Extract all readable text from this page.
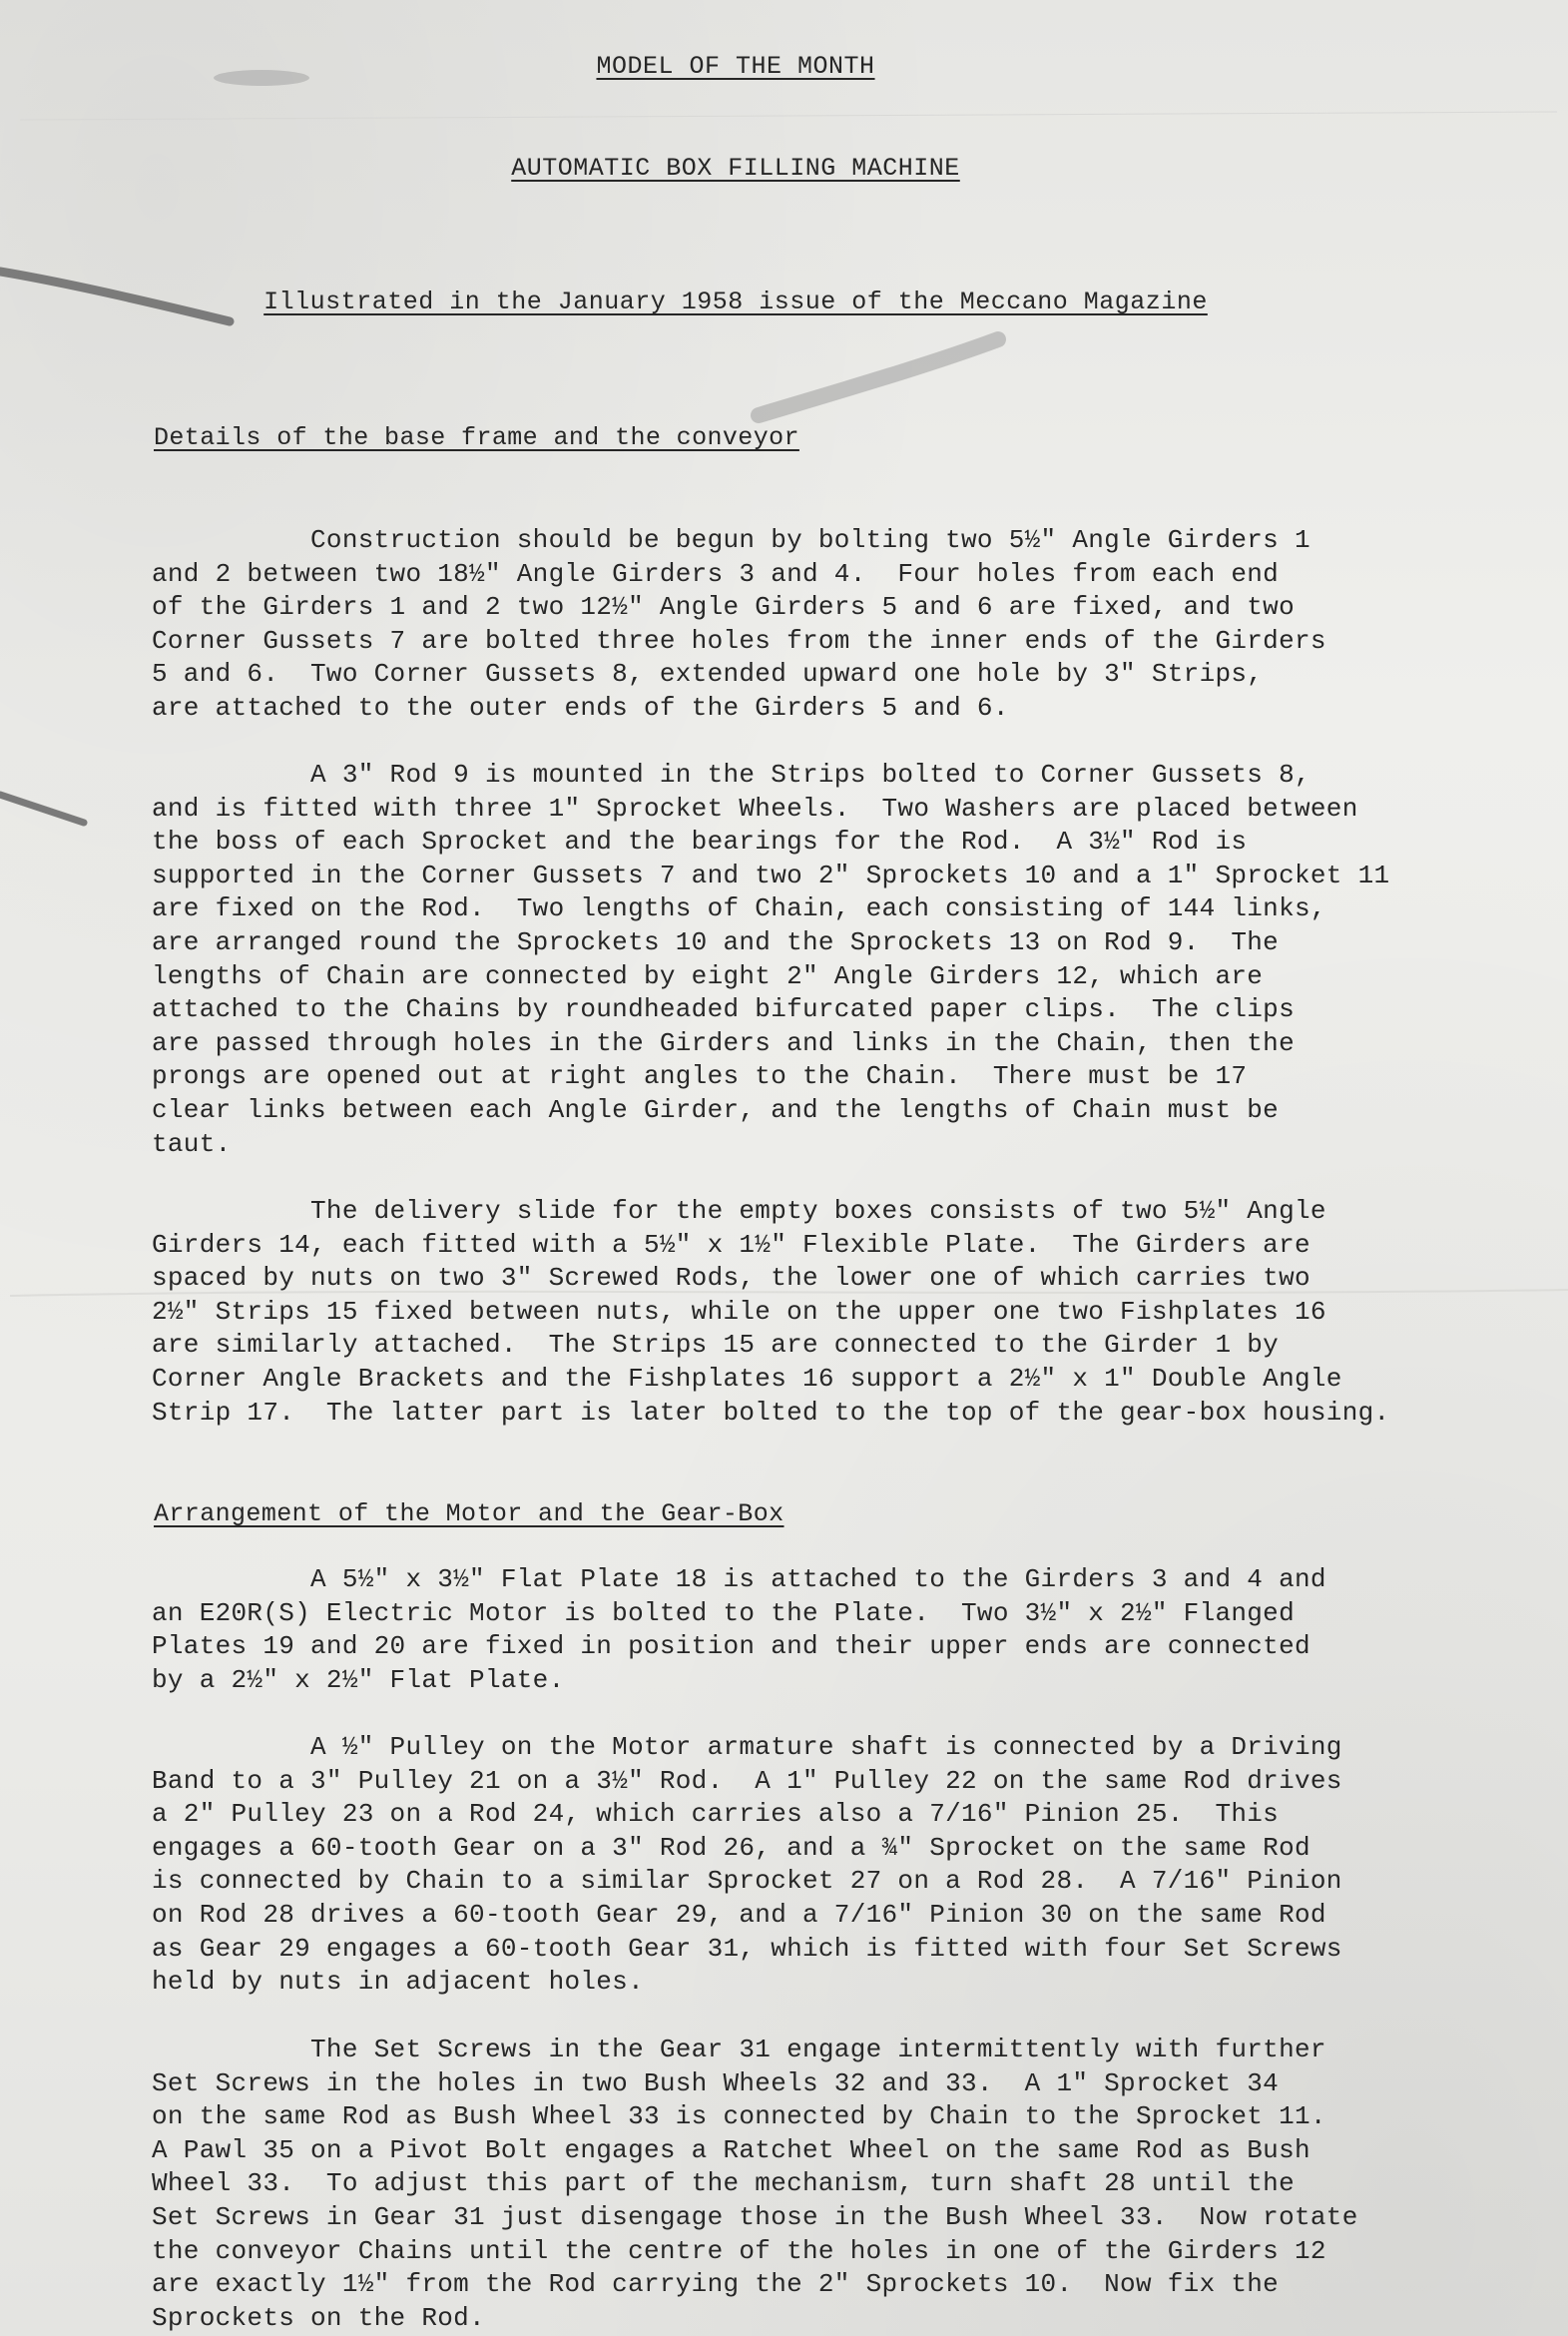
MODEL OF THE MONTH
AUTOMATIC BOX FILLING MACHINE
Illustrated in the January 1958 issue of the Meccano Magazine
Details of the base frame and the conveyor
Construction should be begun by bolting two 5½" Angle Girders 1
and 2 between two 18½" Angle Girders 3 and 4.  Four holes from each end
of the Girders 1 and 2 two 12½" Angle Girders 5 and 6 are fixed, and two
Corner Gussets 7 are bolted three holes from the inner ends of the Girders
5 and 6.  Two Corner Gussets 8, extended upward one hole by 3" Strips,
are attached to the outer ends of the Girders 5 and 6.
A 3" Rod 9 is mounted in the Strips bolted to Corner Gussets 8,
and is fitted with three 1" Sprocket Wheels.  Two Washers are placed between
the boss of each Sprocket and the bearings for the Rod.  A 3½" Rod is
supported in the Corner Gussets 7 and two 2" Sprockets 10 and a 1" Sprocket 11
are fixed on the Rod.  Two lengths of Chain, each consisting of 144 links,
are arranged round the Sprockets 10 and the Sprockets 13 on Rod 9.  The
lengths of Chain are connected by eight 2" Angle Girders 12, which are
attached to the Chains by roundheaded bifurcated paper clips.  The clips
are passed through holes in the Girders and links in the Chain, then the
prongs are opened out at right angles to the Chain.  There must be 17
clear links between each Angle Girder, and the lengths of Chain must be
taut.
The delivery slide for the empty boxes consists of two 5½" Angle
Girders 14, each fitted with a 5½" x 1½" Flexible Plate.  The Girders are
spaced by nuts on two 3" Screwed Rods, the lower one of which carries two
2½" Strips 15 fixed between nuts, while on the upper one two Fishplates 16
are similarly attached.  The Strips 15 are connected to the Girder 1 by
Corner Angle Brackets and the Fishplates 16 support a 2½" x 1" Double Angle
Strip 17.  The latter part is later bolted to the top of the gear-box housing.
Arrangement of the Motor and the Gear-Box
A 5½" x 3½" Flat Plate 18 is attached to the Girders 3 and 4 and
an E20R(S) Electric Motor is bolted to the Plate.  Two 3½" x 2½" Flanged
Plates 19 and 20 are fixed in position and their upper ends are connected
by a 2½" x 2½" Flat Plate.
A ½" Pulley on the Motor armature shaft is connected by a Driving
Band to a 3" Pulley 21 on a 3½" Rod.  A 1" Pulley 22 on the same Rod drives
a 2" Pulley 23 on a Rod 24, which carries also a 7/16" Pinion 25.  This
engages a 60-tooth Gear on a 3" Rod 26, and a ¾" Sprocket on the same Rod
is connected by Chain to a similar Sprocket 27 on a Rod 28.  A 7/16" Pinion
on Rod 28 drives a 60-tooth Gear 29, and a 7/16" Pinion 30 on the same Rod
as Gear 29 engages a 60-tooth Gear 31, which is fitted with four Set Screws
held by nuts in adjacent holes.
The Set Screws in the Gear 31 engage intermittently with further
Set Screws in the holes in two Bush Wheels 32 and 33.  A 1" Sprocket 34
on the same Rod as Bush Wheel 33 is connected by Chain to the Sprocket 11.
A Pawl 35 on a Pivot Bolt engages a Ratchet Wheel on the same Rod as Bush
Wheel 33.  To adjust this part of the mechanism, turn shaft 28 until the
Set Screws in Gear 31 just disengage those in the Bush Wheel 33.  Now rotate
the conveyor Chains until the centre of the holes in one of the Girders 12
are exactly 1½" from the Rod carrying the 2" Sprockets 10.  Now fix the
Sprockets on the Rod.
